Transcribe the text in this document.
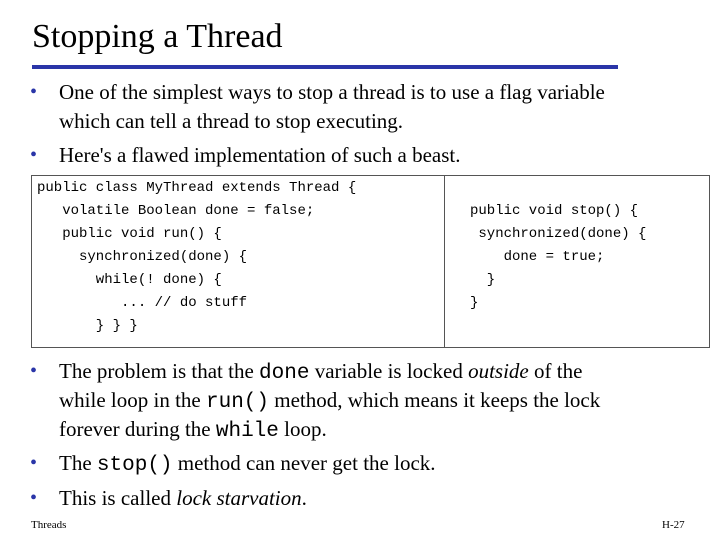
Stopping a Thread
•	One of the simplest ways to stop a thread is to use a flag variable
which can tell a thread to stop executing.
•	Here's a flawed implementation of such a beast.
public class MyThread extends Thread {
volatile Boolean done = false;
public void run() {
synchronized(done) {
while(! done) {
... // do stuff
} } }
public void stop() {
synchronized(done) {
done = true;
}
}
•	The problem is that the done variable is locked outside of the
while loop in the run() method, which means it keeps the lock
forever during the while loop.
•	The stop() method can never get the lock.
•	This is called lock starvation.
Threads	H-27
